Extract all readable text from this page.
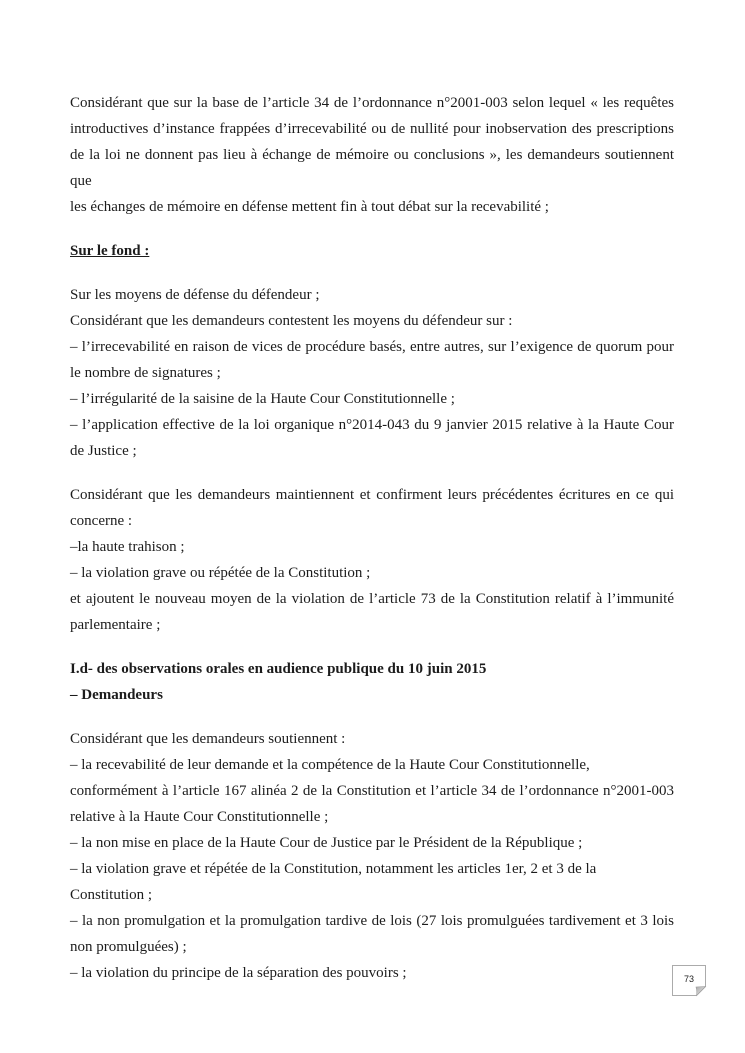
Considérant que sur la base de l’article 34 de l’ordonnance n°2001-003 selon lequel « les requêtes
introductives d’instance frappées d’irrecevabilité ou de nullité pour inobservation des prescriptions
de la loi ne donnent pas lieu à échange de mémoire ou conclusions », les demandeurs soutiennent que
les échanges de mémoire en défense mettent fin à tout débat sur la recevabilité ;
Sur le fond :
Sur les moyens de défense du défendeur ;
Considérant que les demandeurs contestent les moyens du défendeur sur :
– l’irrecevabilité en raison de vices de procédure basés, entre autres, sur l’exigence de quorum pour
le nombre de signatures ;
– l’irrégularité de la saisine de la Haute Cour Constitutionnelle ;
– l’application effective de la loi organique n°2014-043 du 9 janvier 2015 relative à la Haute Cour
de Justice ;
Considérant que les demandeurs maintiennent et confirment leurs précédentes écritures en ce qui
concerne :
–la haute trahison ;
– la violation grave ou répétée de la Constitution ;
et ajoutent le nouveau moyen de la violation de l’article 73 de la Constitution relatif à l’immunité
parlementaire ;
I.d- des observations orales en audience publique du 10 juin 2015
– Demandeurs
Considérant que les demandeurs soutiennent :
– la recevabilité de leur demande et la compétence de la Haute Cour Constitutionnelle,
conformément à l’article 167 alinéa 2 de la Constitution et l’article 34 de l’ordonnance n°2001-003
relative à la Haute Cour Constitutionnelle ;
– la non mise en place de la Haute Cour de Justice par le Président de la République ;
– la violation grave et répétée de la Constitution, notamment les articles 1er, 2 et 3 de la
Constitution ;
– la non promulgation et la promulgation tardive de lois (27 lois promulguées tardivement et 3 lois
non promulguées) ;
– la violation du principe de la séparation des pouvoirs ;	73
